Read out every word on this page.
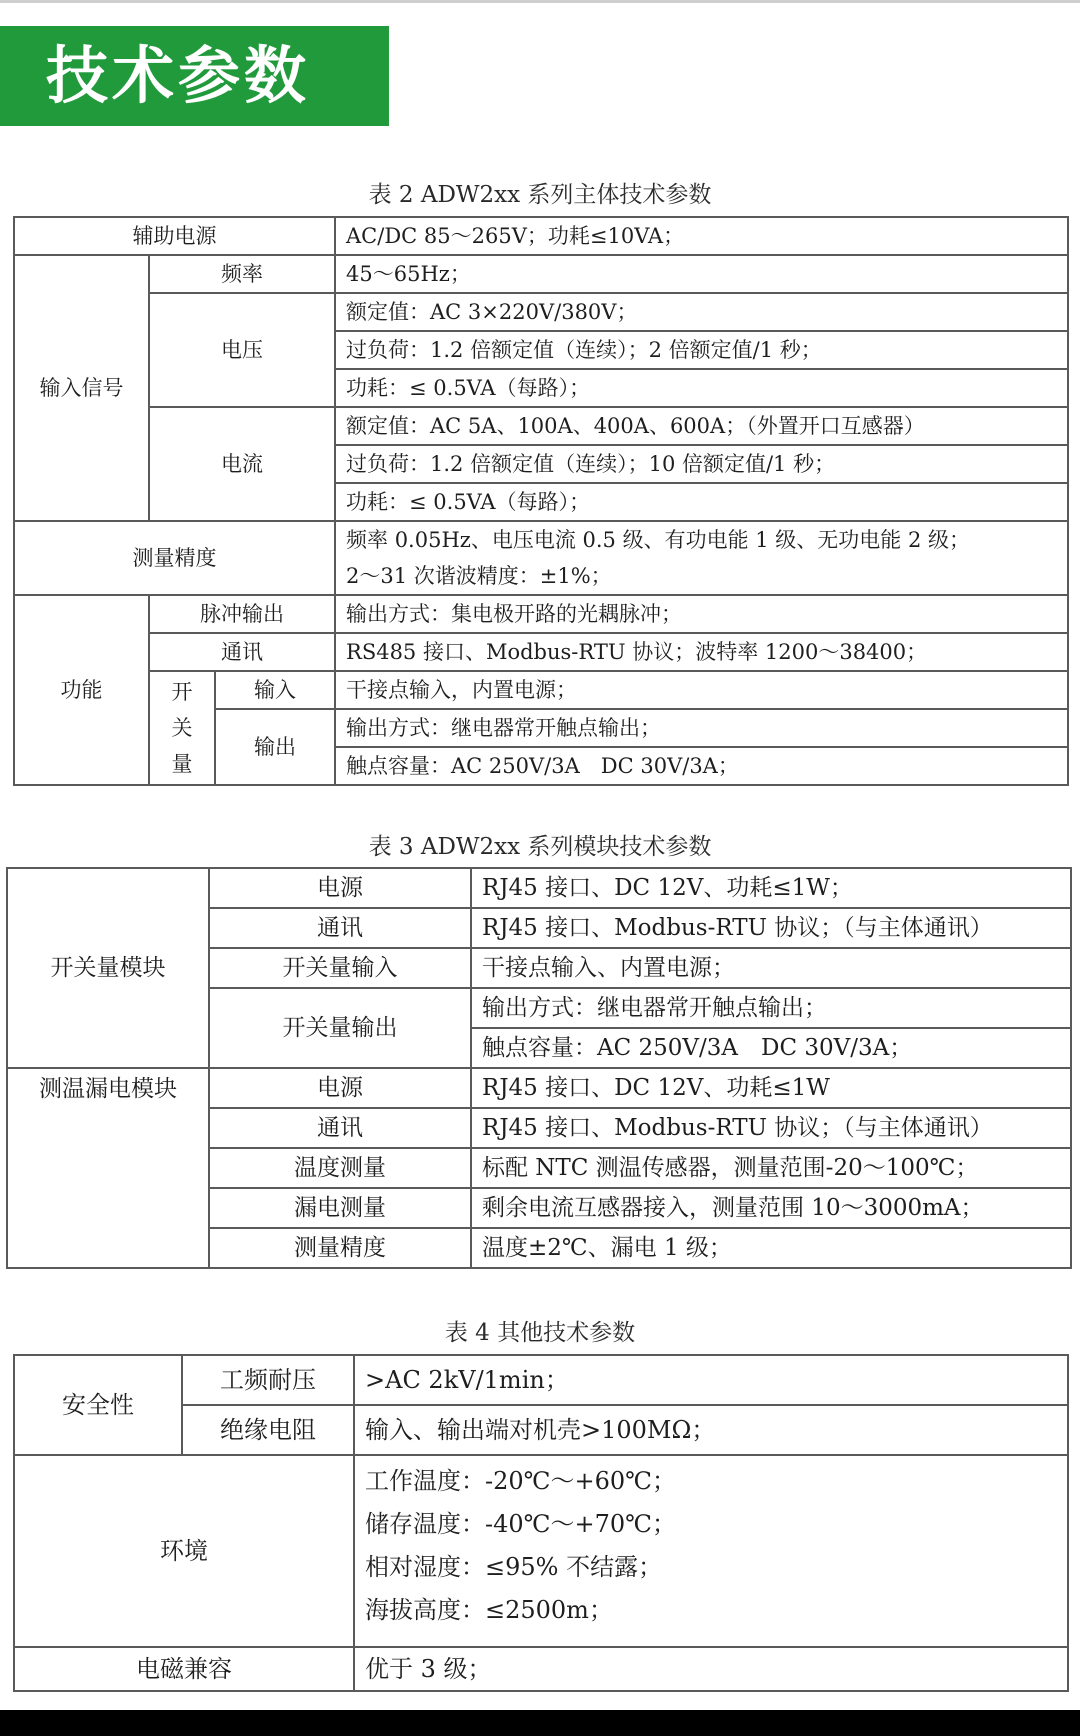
技术参数
表 2 ADW2xx 系列主体技术参数
辅助电源			AC/DC 85～265V；功耗≤10VA；
输入信号	频率		45～65Hz；
	电压		额定值：AC 3×220V/380V；
			过负荷：1.2 倍额定值（连续）；2 倍额定值/1 秒；
			功耗：≤ 0.5VA（每路）；
	电流		额定值：AC 5A、100A、400A、600A；（外置开口互感器）
			过负荷：1.2 倍额定值（连续）；10 倍额定值/1 秒；
			功耗：≤ 0.5VA（每路）；
测量精度			频率 0.05Hz、电压电流 0.5 级、有功电能 1 级、无功电能 2 级；
2～31 次谐波精度：±1%；

功能	脉冲输出		输出方式：集电极开路的光耦脉冲；
	通讯		RS485 接口、Modbus-RTU 协议；波特率 1200～38400；

	开
关
量	输入	干接点输入，内置电源；
		输出	输出方式：继电器常开触点输出；
			触点容量：AC 250V/3A　DC 30V/3A；
表 3 ADW2xx 系列模块技术参数
开关量模块	电源	RJ45 接口、DC 12V、功耗≤1W；
	通讯	RJ45 接口、Modbus-RTU 协议；（与主体通讯）
	开关量输入	干接点输入、内置电源；
	开关量输出	输出方式：继电器常开触点输出；
		触点容量：AC 250V/3A　DC 30V/3A；
测温漏电模块	电源	RJ45 接口、DC 12V、功耗≤1W
	通讯	RJ45 接口、Modbus-RTU 协议；（与主体通讯）
	温度测量	标配 NTC 测温传感器，测量范围-20～100℃；
	漏电测量	剩余电流互感器接入，测量范围 10～3000mA；
	测量精度	温度±2℃、漏电 1 级；
表 4 其他技术参数
安全性	工频耐压	>AC 2kV/1min；
	绝缘电阻	输入、输出端对机壳>100MΩ；
环境		工作温度：-20℃～+60℃；
储存温度：-40℃～+70℃；
相对湿度：≤95% 不结露；
海拔高度：≤2500m；

电磁兼容		优于 3 级；
